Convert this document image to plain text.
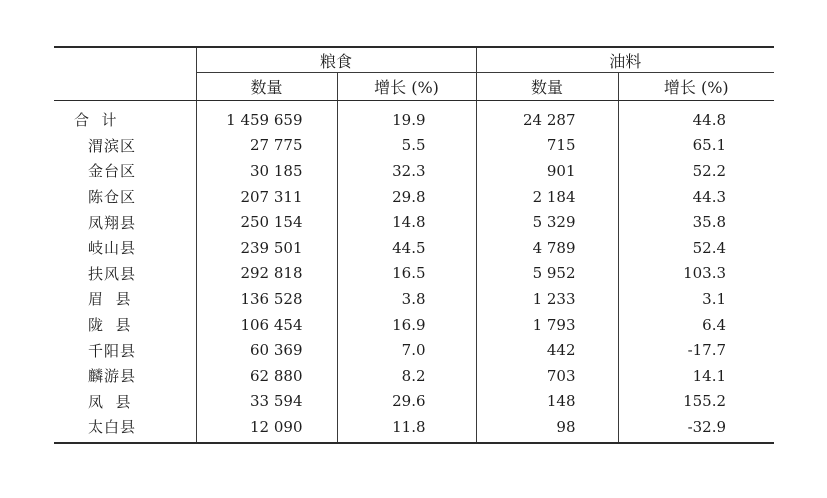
	粮食		油料	
	数量	增长 (%)	数量	增长 (%)
合  计	1 459 659	19.9	24 287	44.8
渭滨区	27 775	5.5	715	65.1
金台区	30 185	32.3	901	52.2
陈仓区	207 311	29.8	2 184	44.3
凤翔县	250 154	14.8	5 329	35.8
岐山县	239 501	44.5	4 789	52.4
扶风县	292 818	16.5	5 952	103.3
眉  县	136 528	3.8	1 233	3.1
陇  县	106 454	16.9	1 793	6.4
千阳县	60 369	7.0	442	-17.7
麟游县	62 880	8.2	703	14.1
凤  县	33 594	29.6	148	155.2
太白县	12 090	11.8	98	-32.9
